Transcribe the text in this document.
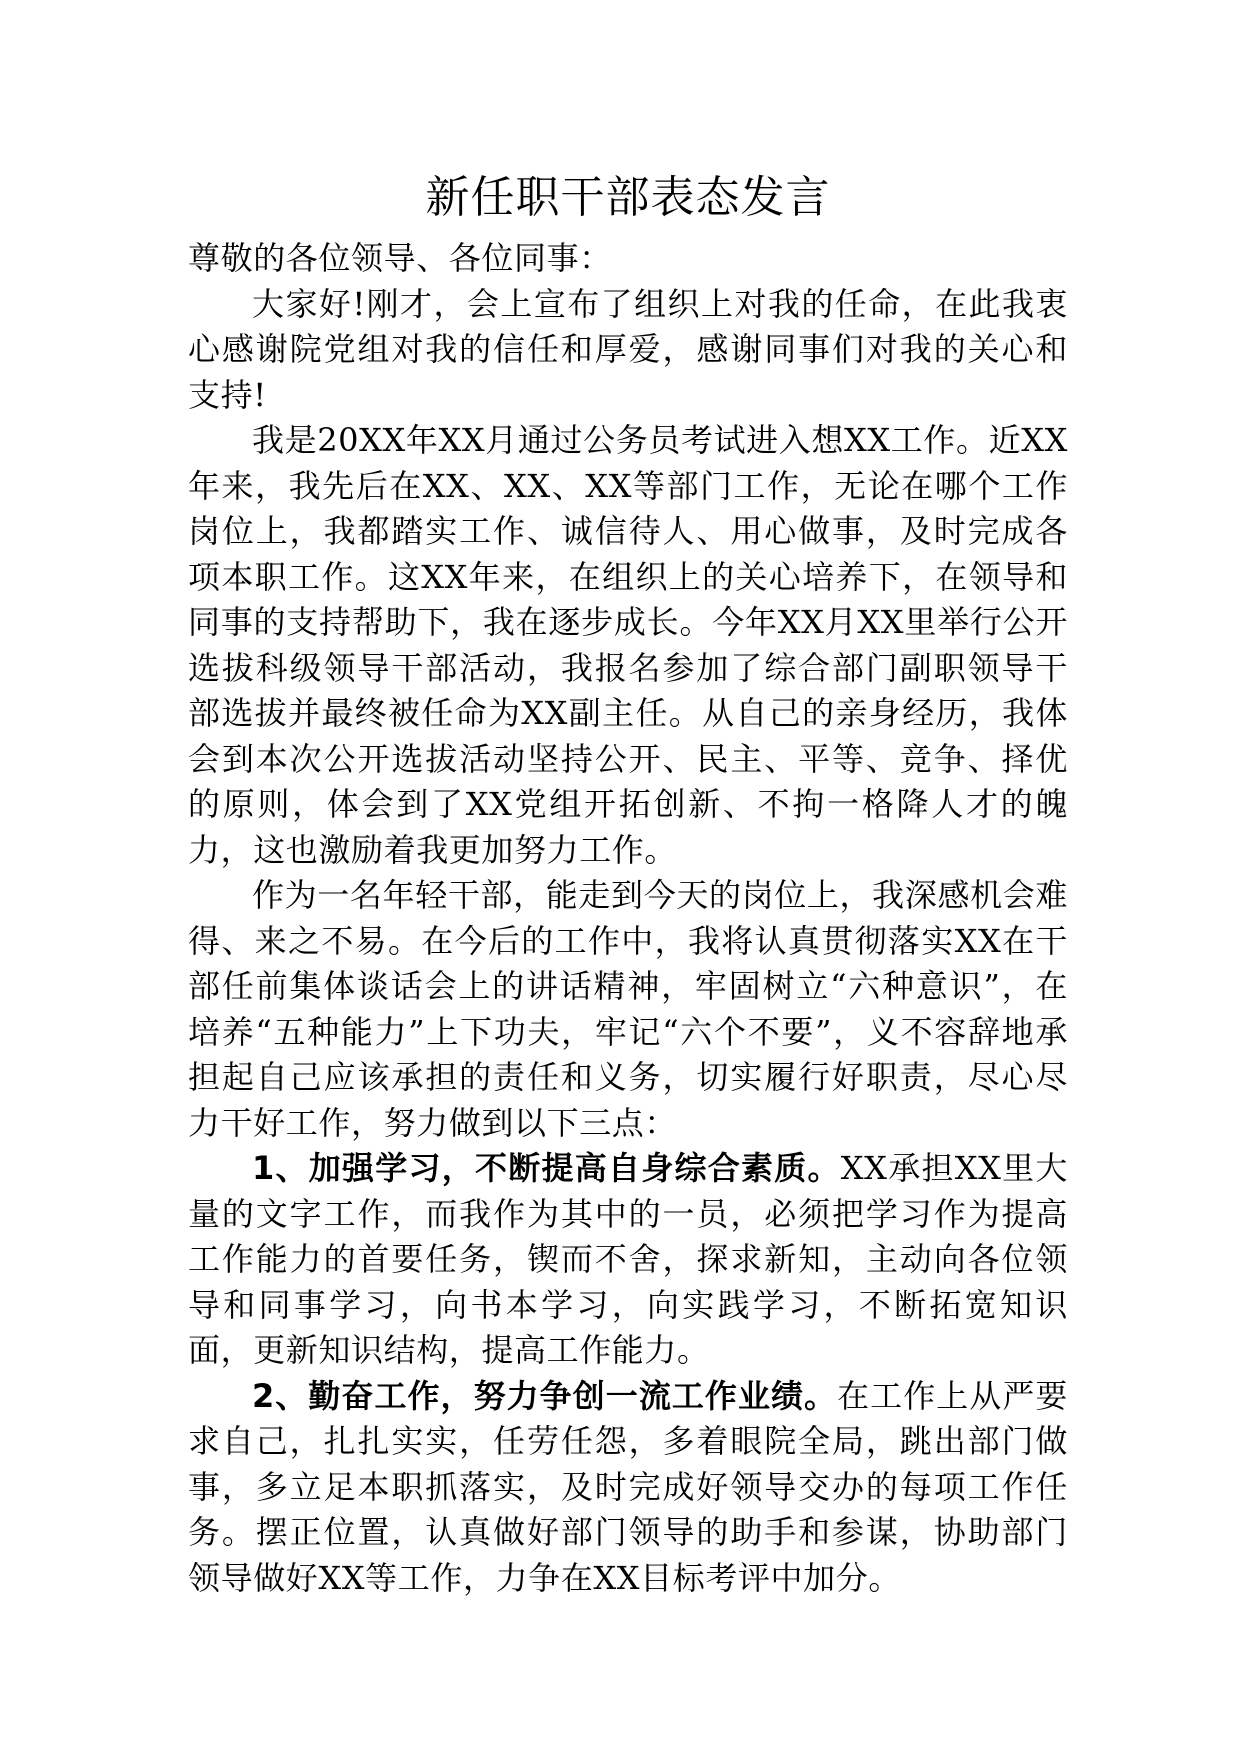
新任职干部表态发言

尊敬的各位领导、各位同事：

大家好!刚才，会上宣布了组织上对我的任命，在此我衷心感谢院党组对我的信任和厚爱，感谢同事们对我的关心和支持!

我是20XX年XX月通过公务员考试进入想XX工作。近XX年来，我先后在XX、XX、XX等部门工作，无论在哪个工作岗位上，我都踏实工作、诚信待人、用心做事，及时完成各项本职工作。这XX年来，在组织上的关心培养下，在领导和同事的支持帮助下，我在逐步成长。今年XX月XX里举行公开选拔科级领导干部活动，我报名参加了综合部门副职领导干部选拔并最终被任命为XX副主任。从自己的亲身经历，我体会到本次公开选拔活动坚持公开、民主、平等、竞争、择优的原则，体会到了XX党组开拓创新、不拘一格降人才的魄力，这也激励着我更加努力工作。

作为一名年轻干部，能走到今天的岗位上，我深感机会难得、来之不易。在今后的工作中，我将认真贯彻落实XX在干部任前集体谈话会上的讲话精神，牢固树立“六种意识”，在培养“五种能力”上下功夫，牢记“六个不要”，义不容辞地承担起自己应该承担的责任和义务，切实履行好职责，尽心尽力干好工作，努力做到以下三点：

1、加强学习，不断提高自身综合素质。XX承担XX里大量的文字工作，而我作为其中的一员，必须把学习作为提高工作能力的首要任务，锲而不舍，探求新知，主动向各位领导和同事学习，向书本学习，向实践学习，不断拓宽知识面，更新知识结构，提高工作能力。

2、勤奋工作，努力争创一流工作业绩。在工作上从严要求自己，扎扎实实，任劳任怨，多着眼院全局，跳出部门做事，多立足本职抓落实，及时完成好领导交办的每项工作任务。摆正位置，认真做好部门领导的助手和参谋，协助部门领导做好XX等工作，力争在XX目标考评中加分。
